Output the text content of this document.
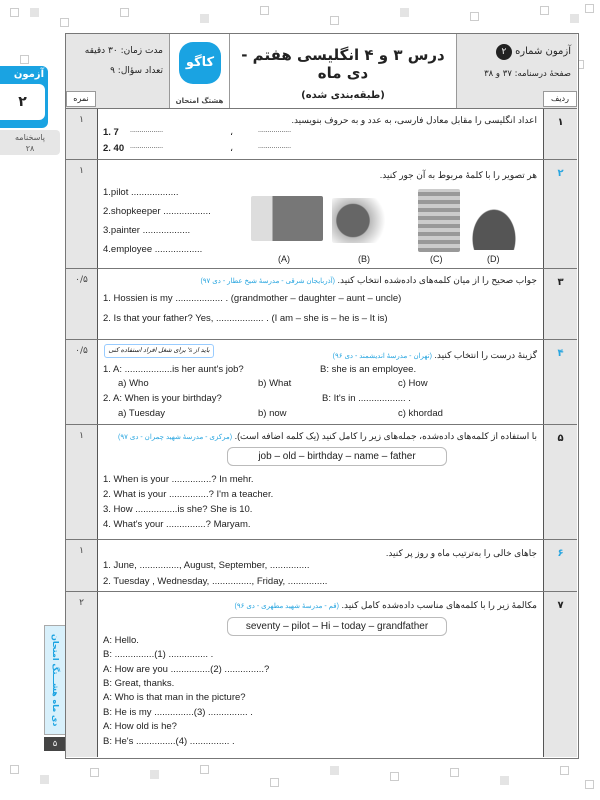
آزمون
۲
پاسخنامه
۲۸
دی ماه هشـــتگ امتحان
۵
مدت زمان: ۳۰ دقیقه
تعداد سؤال: ۹
نمره
کاگو
هشتگ امتحان
درس ۳ و ۴ انگلیسی هفتم - دی ماه
(طبقه‌بندی شده)
آزمون شماره ۲
صفحهٔ درسنامه: ۳۷ و ۳۸
ردیف
۱	۱
اعداد انگلیسی را مقابل معادل فارسی، به عدد و به حروف بنویسید.
1. 7 .................	،	.................
2. 40 .................	،	.................
۱	۲
هر تصویر را با کلمهٔ مربوط به آن جور کنید.
1.pilot ..................
2.shopkeeper ..................
3.painter ..................
4.employee ..................
(A)	(B)	(C)	(D)
۰/۵	۳
جواب صحیح را از میان کلمه‌های داده‌شده انتخاب کنید. (آذربایجان شرقی - مدرسهٔ شیخ عطار - دی ۹۷)
1. Hossien is my .................. . (grandmother – daughter – aunt – uncle)
2. Is that your father? Yes, .................. . (I am – she is – he is – It is)
۰/۵	۴
گزینهٔ درست را انتخاب کنید. (تهران - مدرسهٔ اندیشمند - دی ۹۶)
باید از s' برای شغل افراد استفاده کنی
1. A: ..................is her aunt's job?	B: she is an employee.
a) Who	b) What	c) How
2. A: When is your birthday?	B: It's in .................. .
a) Tuesday	b) now	c) khordad
۱	۵
با استفاده از کلمه‌های داده‌شده، جمله‌های زیر را کامل کنید (یک کلمه اضافه است). (مرکزی - مدرسهٔ شهید چمران - دی ۹۷)
job – old – birthday – name – father
1. When is your ...............? In mehr.
2. What is your ...............? I'm a teacher.
3. How ................is she? She is 10.
4. What's your ...............? Maryam.
۱	۶
جاهای خالی را به‌ترتیب ماه و روز پر کنید.
1. June, ..............., August, September, ...............
2. Tuesday , Wednesday, ..............., Friday, ...............
۲	۷
مکالمهٔ زیر را با کلمه‌های مناسب داده‌شده کامل کنید. (قم - مدرسهٔ شهید مطهری - دی ۹۶)
seventy – pilot – Hi – today – grandfather
A: Hello.
B: ...............(1) ............... .
A: How are you ...............(2) ...............?
B: Great, thanks.
A: Who is that man in the picture?
B: He is my ...............(3) ............... .
A: How old is he?
B: He's ...............(4) ............... .
